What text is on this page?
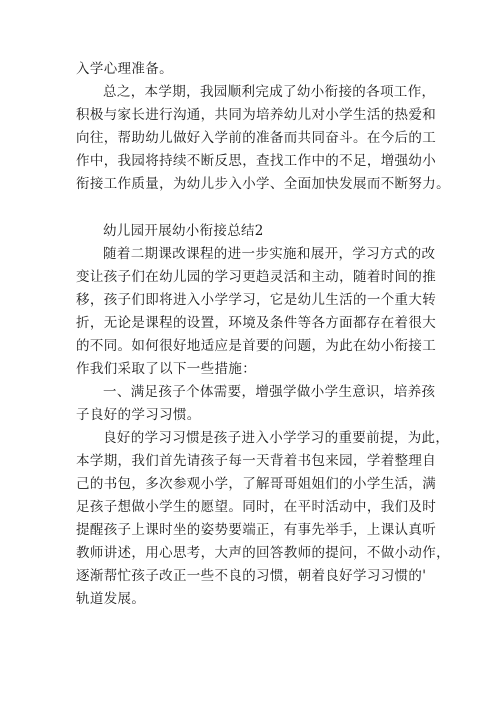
入学心理准备。
总之，本学期，我园顺利完成了幼小衔接的各项工作，
积极与家长进行沟通，共同为培养幼儿对小学生活的热爱和
向往，帮助幼儿做好入学前的准备而共同奋斗。在今后的工
作中，我园将持续不断反思，查找工作中的不足，增强幼小
衔接工作质量，为幼儿步入小学、全面加快发展而不断努力。
幼儿园开展幼小衔接总结2
随着二期课改课程的进一步实施和展开，学习方式的改
变让孩子们在幼儿园的学习更趋灵活和主动，随着时间的推
移，孩子们即将进入小学学习，它是幼儿生活的一个重大转
折，无论是课程的设置，环境及条件等各方面都存在着很大
的不同。如何很好地适应是首要的问题，为此在幼小衔接工
作我们采取了以下一些措施：
一、满足孩子个体需要，增强学做小学生意识，培养孩
子良好的学习习惯。
良好的学习习惯是孩子进入小学学习的重要前提，为此，
本学期，我们首先请孩子每一天背着书包来园，学着整理自
己的书包，多次参观小学，了解哥哥姐姐们的小学生活，满
足孩子想做小学生的愿望。同时，在平时活动中，我们及时
提醒孩子上课时坐的姿势要端正，有事先举手，上课认真听
教师讲述，用心思考，大声的回答教师的提问，不做小动作，
逐渐帮忙孩子改正一些不良的习惯，朝着良好学习习惯的'
轨道发展。
